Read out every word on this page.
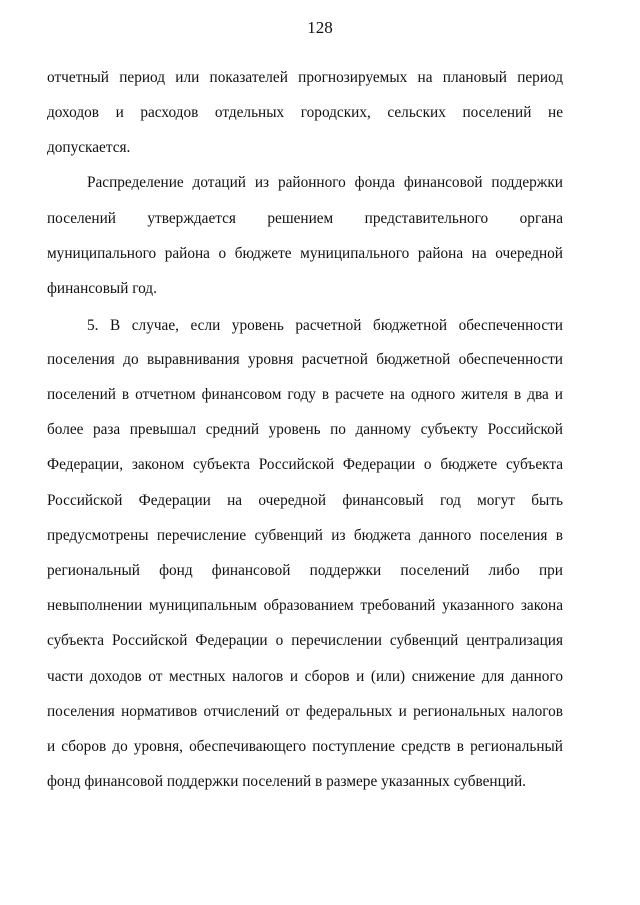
128
отчетный период или показателей прогнозируемых на плановый период
доходов и расходов отдельных городских, сельских поселений не
допускается.
Распределение дотаций из районного фонда финансовой поддержки
поселений утверждается решением представительного органа
муниципального района о бюджете муниципального района на очередной
финансовый год.
5. В случае, если уровень расчетной бюджетной обеспеченности
поселения до выравнивания уровня расчетной бюджетной обеспеченности
поселений в отчетном финансовом году в расчете на одного жителя в два и
более раза превышал средний уровень по данному субъекту Российской
Федерации, законом субъекта Российской Федерации о бюджете субъекта
Российской Федерации на очередной финансовый год могут быть
предусмотрены перечисление субвенций из бюджета данного поселения в
региональный фонд финансовой поддержки поселений либо при
невыполнении муниципальным образованием требований указанного закона
субъекта Российской Федерации о перечислении субвенций централизация
части доходов от местных налогов и сборов и (или) снижение для данного
поселения нормативов отчислений от федеральных и региональных налогов
и сборов до уровня, обеспечивающего поступление средств в региональный
фонд финансовой поддержки поселений в размере указанных субвенций.
